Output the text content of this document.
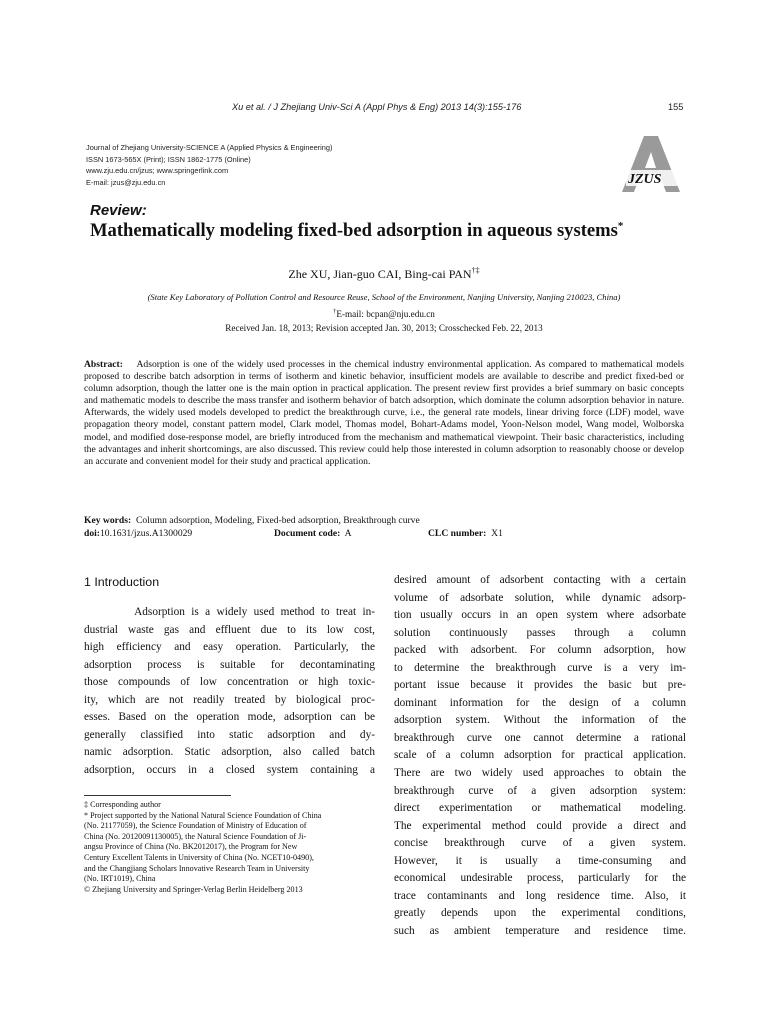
Xu et al. / J Zhejiang Univ-Sci A (Appl Phys & Eng) 2013 14(3):155-176	155
Journal of Zhejiang University-SCIENCE A (Applied Physics & Engineering)
ISSN 1673-565X (Print); ISSN 1862-1775 (Online)
www.zju.edu.cn/jzus; www.springerlink.com
E-mail: jzus@zju.edu.cn	JZUS
Review:
Mathematically modeling fixed-bed adsorption in aqueous systems*
Zhe XU, Jian-guo CAI, Bing-cai PAN†‡
(State Key Laboratory of Pollution Control and Resource Reuse, School of the Environment, Nanjing University, Nanjing 210023, China)
†E-mail: bcpan@nju.edu.cn
Received Jan. 18, 2013; Revision accepted Jan. 30, 2013; Crosschecked Feb. 22, 2013
Abstract: Adsorption is one of the widely used processes in the chemical industry environmental application. As compared to mathematical models proposed to describe batch adsorption in terms of isotherm and kinetic behavior, insufficient models are available to describe and predict fixed-bed or column adsorption, though the latter one is the main option in practical application. The present review first provides a brief summary on basic concepts and mathematic models to describe the mass transfer and isotherm behavior of batch adsorption, which dominate the column adsorption behavior in nature. Afterwards, the widely used models developed to predict the breakthrough curve, i.e., the general rate models, linear driving force (LDF) model, wave propagation theory model, constant pattern model, Clark model, Thomas model, Bohart-Adams model, Yoon-Nelson model, Wang model, Wolborska model, and modified dose-response model, are briefly introduced from the mechanism and mathematical viewpoint. Their basic characteristics, including the advantages and inherit shortcomings, are also discussed. This review could help those interested in column adsorption to reasonably choose or develop an accurate and convenient model for their study and practical application.
Key words: Column adsorption, Modeling, Fixed-bed adsorption, Breakthrough curve
doi:10.1631/jzus.A1300029	Document code: A	CLC number: X1
1 Introduction
Adsorption is a widely used method to treat in-
dustrial waste gas and effluent due to its low cost,
high efficiency and easy operation. Particularly, the
adsorption process is suitable for decontaminating
those compounds of low concentration or high toxic-
ity, which are not readily treated by biological proc-
esses. Based on the operation mode, adsorption can be
generally classified into static adsorption and dy-
namic adsorption. Static adsorption, also called batch
adsorption, occurs in a closed system containing a
desired amount of adsorbent contacting with a certain
volume of adsorbate solution, while dynamic adsorp-
tion usually occurs in an open system where adsorbate
solution continuously passes through a column
packed with adsorbent. For column adsorption, how
to determine the breakthrough curve is a very im-
portant issue because it provides the basic but pre-
dominant information for the design of a column
adsorption system. Without the information of the
breakthrough curve one cannot determine a rational
scale of a column adsorption for practical application.
There are two widely used approaches to obtain the
breakthrough curve of a given adsorption system:
direct experimentation or mathematical modeling.
The experimental method could provide a direct and
concise breakthrough curve of a given system.
However, it is usually a time-consuming and
economical undesirable process, particularly for the
trace contaminants and long residence time. Also, it
greatly depends upon the experimental conditions,
such as ambient temperature and residence time.
‡ Corresponding author
* Project supported by the National Natural Science Foundation of China
(No. 21177059), the Science Foundation of Ministry of Education of
China (No. 20120091130005), the Natural Science Foundation of Ji-
angsu Province of China (No. BK2012017), the Program for New
Century Excellent Talents in University of China (No. NCET10-0490),
and the Changjiang Scholars Innovative Research Team in University
(No. IRT1019), China
© Zhejiang University and Springer-Verlag Berlin Heidelberg 2013
